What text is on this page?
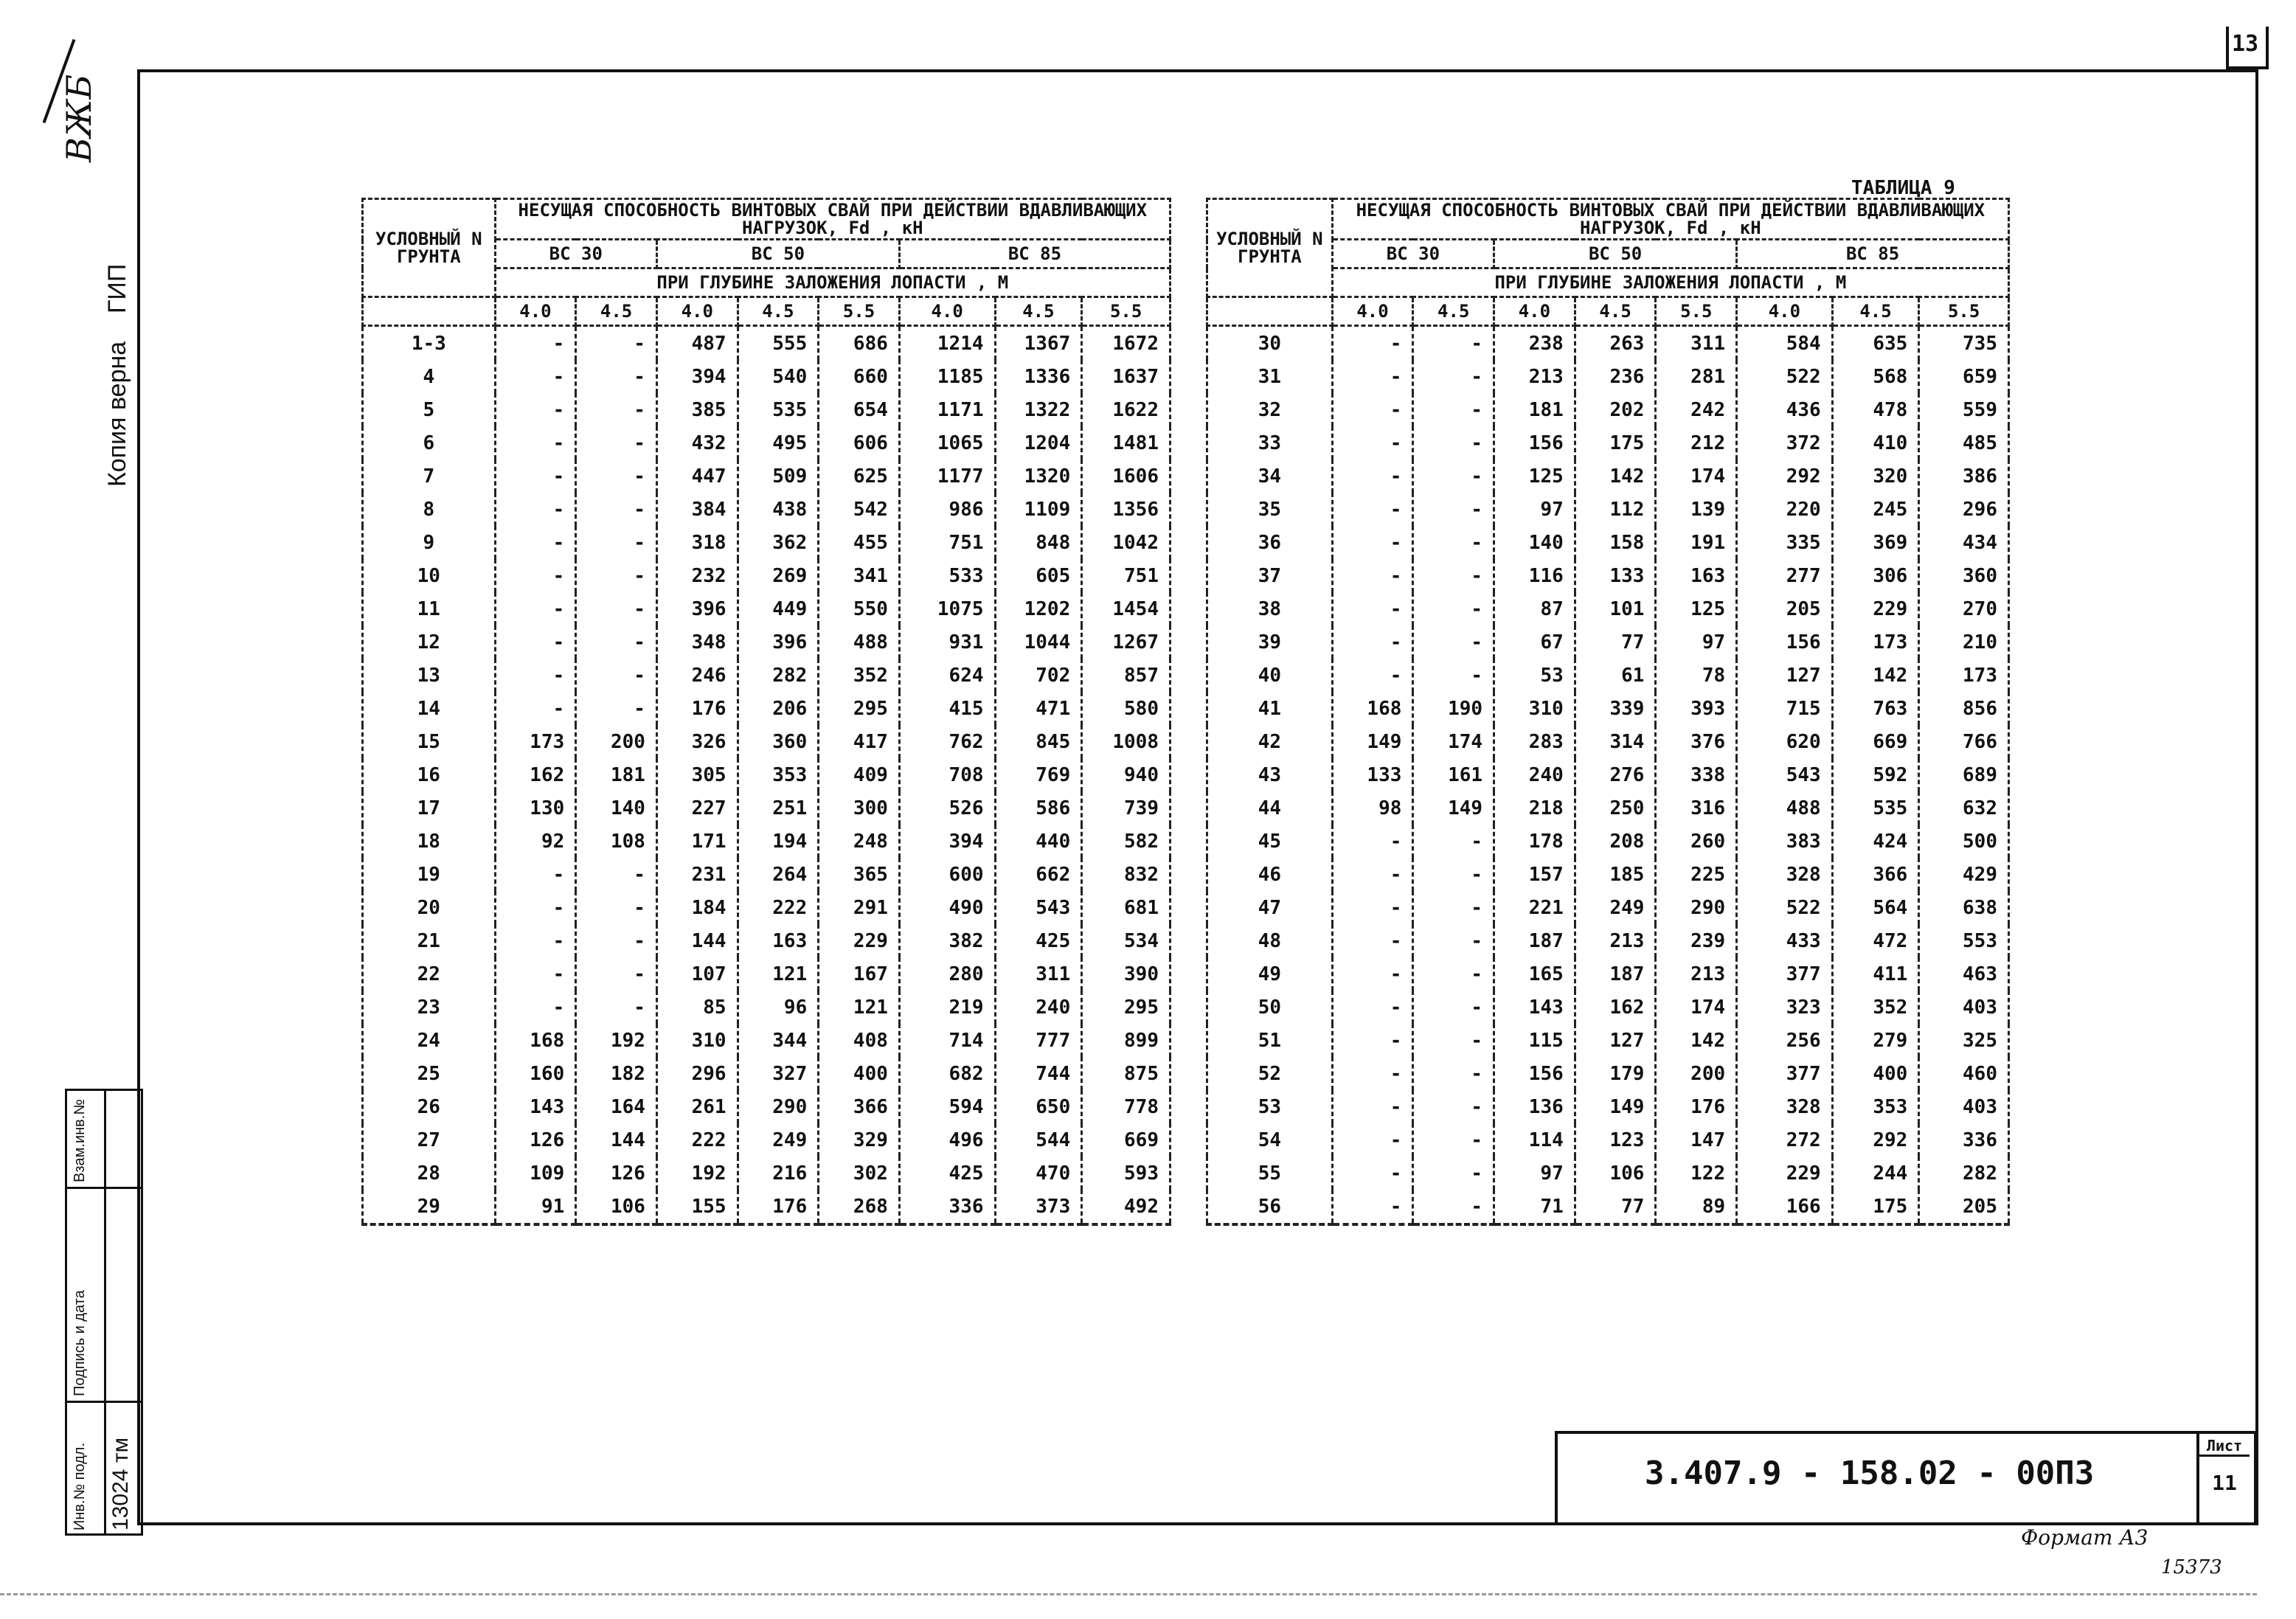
13
ВЖБ
Копия верна    ГИП
Инв.№ подл.
Подпись и дата
Взам.инв.№
13024 тм
ТАБЛИЦА 9
УСЛОВНЫЙ N ГРУНТА	НЕСУЩАЯ СПОСОБНОСТЬ ВИНТОВЫХ СВАЙ ПРИ ДЕЙСТВИИ ВДАВЛИВАЮЩИХ НАГРУЗОК, Fd , кН							
	ВС 30		ВС 50			ВС 85		
	ПРИ ГЛУБИНЕ ЗАЛОЖЕНИЯ ЛОПАСТИ , М							
	4.0	4.5	4.0	4.5	5.5	4.0	4.5	5.5
1-3	-	-	487	555	686	1214	1367	1672
4	-	-	394	540	660	1185	1336	1637
5	-	-	385	535	654	1171	1322	1622
6	-	-	432	495	606	1065	1204	1481
7	-	-	447	509	625	1177	1320	1606
8	-	-	384	438	542	986	1109	1356
9	-	-	318	362	455	751	848	1042
10	-	-	232	269	341	533	605	751
11	-	-	396	449	550	1075	1202	1454
12	-	-	348	396	488	931	1044	1267
13	-	-	246	282	352	624	702	857
14	-	-	176	206	295	415	471	580
15	173	200	326	360	417	762	845	1008
16	162	181	305	353	409	708	769	940
17	130	140	227	251	300	526	586	739
18	92	108	171	194	248	394	440	582
19	-	-	231	264	365	600	662	832
20	-	-	184	222	291	490	543	681
21	-	-	144	163	229	382	425	534
22	-	-	107	121	167	280	311	390
23	-	-	85	96	121	219	240	295
24	168	192	310	344	408	714	777	899
25	160	182	296	327	400	682	744	875
26	143	164	261	290	366	594	650	778
27	126	144	222	249	329	496	544	669
28	109	126	192	216	302	425	470	593
29	91	106	155	176	268	336	373	492
УСЛОВНЫЙ N ГРУНТА	НЕСУЩАЯ СПОСОБНОСТЬ ВИНТОВЫХ СВАЙ ПРИ ДЕЙСТВИИ ВДАВЛИВАЮЩИХ НАГРУЗОК, Fd , кН							
	ВС 30		ВС 50			ВС 85		
	ПРИ ГЛУБИНЕ ЗАЛОЖЕНИЯ ЛОПАСТИ , М							
	4.0	4.5	4.0	4.5	5.5	4.0	4.5	5.5
30	-	-	238	263	311	584	635	735
31	-	-	213	236	281	522	568	659
32	-	-	181	202	242	436	478	559
33	-	-	156	175	212	372	410	485
34	-	-	125	142	174	292	320	386
35	-	-	97	112	139	220	245	296
36	-	-	140	158	191	335	369	434
37	-	-	116	133	163	277	306	360
38	-	-	87	101	125	205	229	270
39	-	-	67	77	97	156	173	210
40	-	-	53	61	78	127	142	173
41	168	190	310	339	393	715	763	856
42	149	174	283	314	376	620	669	766
43	133	161	240	276	338	543	592	689
44	98	149	218	250	316	488	535	632
45	-	-	178	208	260	383	424	500
46	-	-	157	185	225	328	366	429
47	-	-	221	249	290	522	564	638
48	-	-	187	213	239	433	472	553
49	-	-	165	187	213	377	411	463
50	-	-	143	162	174	323	352	403
51	-	-	115	127	142	256	279	325
52	-	-	156	179	200	377	400	460
53	-	-	136	149	176	328	353	403
54	-	-	114	123	147	272	292	336
55	-	-	97	106	122	229	244	282
56	-	-	71	77	89	166	175	205
3.407.9 - 158.02 - 00ПЗ
Лист
11
Формат А3
15373
